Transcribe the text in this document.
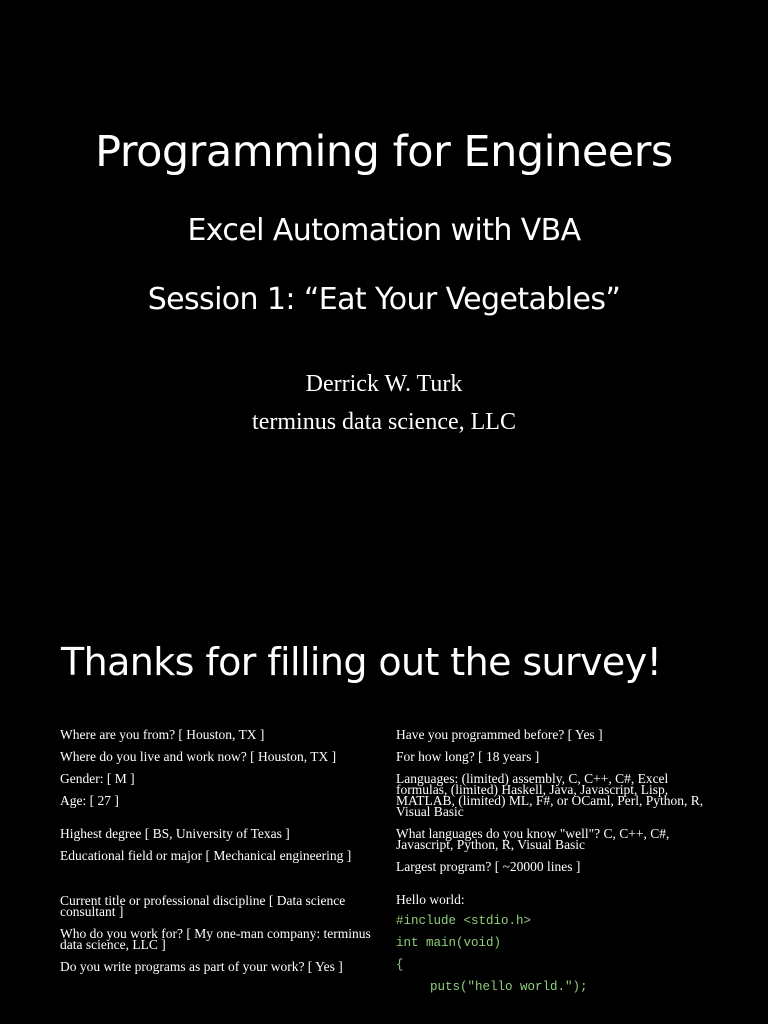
Programming for Engineers
Excel Automation with VBA
Session 1: “Eat Your Vegetables”
Derrick W. Turk
terminus data science, LLC
Thanks for filling out the survey!

Where are you from? [ Houston, TX ]

Where do you live and work now? [ Houston, TX ]

Gender: [ M ]

Age: [ 27 ]

Highest degree [ BS, University of Texas ]

Educational field or major [ Mechanical engineering ]

Current title or professional discipline [ Data science consultant ]

Who do you work for? [ My one-man company: terminus data science, LLC ]

Do you write programs as part of your work? [ Yes ]

Have you programmed before? [ Yes ]

For how long? [ 18 years ]

Languages: (limited) assembly, C, C++, C#, Excel formulas, (limited) Haskell, Java, Javascript, Lisp, MATLAB, (limited) ML, F#, or OCaml, Perl, Python, R, Visual Basic

What languages do you know "well"? C, C++, C#, Javascript, Python, R, Visual Basic

Largest program? [ ~20000 lines ]

Hello world:

#include <stdio.h>
int main(void)
{
puts("hello world.");
